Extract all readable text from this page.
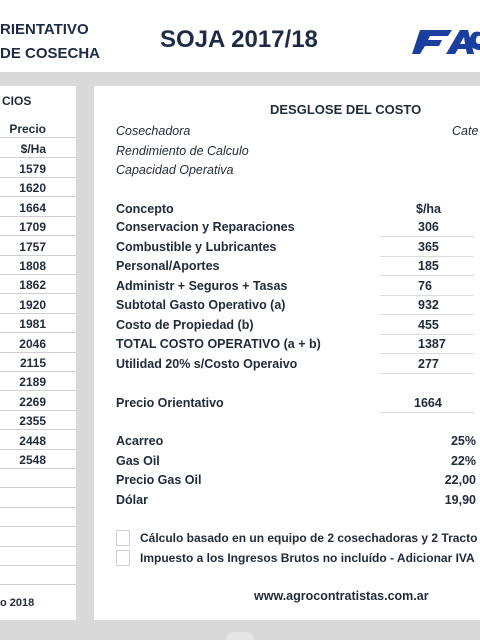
RIENTATIVO
DE COSECHA
SOJA 2017/18
CIOS
Precio
$/Ha
1579
1620
1664
1709
1757
1808
1862
1920
1981
2046
2115
2189
2269
2355
2448
2548
o 2018
DESGLOSE DEL COSTO
Cosechadora	Cate
Rendimiento de Calculo
Capacidad Operativa
Concepto	$/ha
Conservacion y Reparaciones	306
Combustible y Lubricantes	365
Personal/Aportes	185
Administr + Seguros + Tasas	76
Subtotal Gasto Operativo (a)	932
Costo de Propiedad (b)	455
TOTAL COSTO OPERATIVO (a + b)	1387
Utilidad 20% s/Costo Operaivo	277
Precio Orientativo	1664
Acarreo	25%
Gas Oil	22%
Precio Gas Oil	22,00
Dólar	19,90
Cálculo basado en un equipo de 2 cosechadoras y 2 Tracto
Impuesto a los Ingresos Brutos no incluído - Adicionar IVA
www.agrocontratistas.com.ar
